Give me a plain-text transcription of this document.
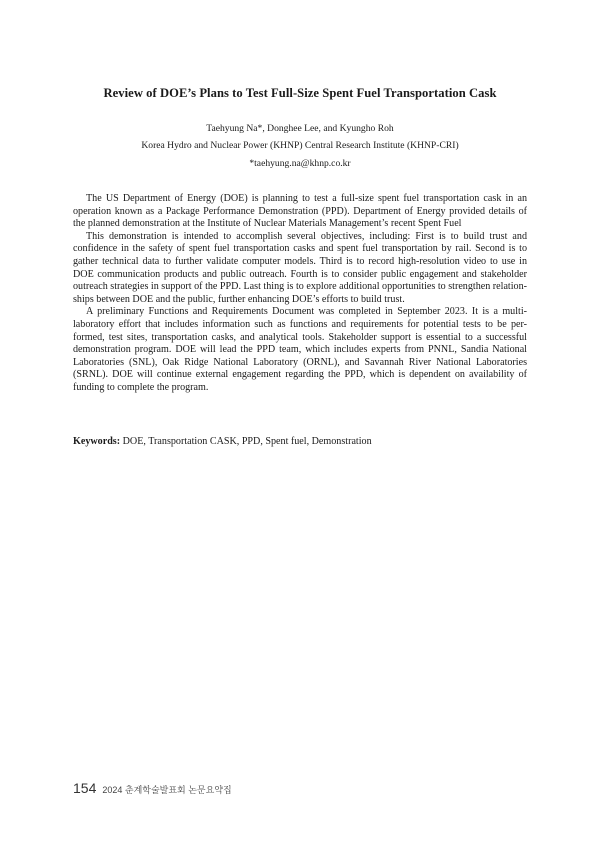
Review of DOE’s Plans to Test Full-Size Spent Fuel Transportation Cask
Taehyung Na*, Donghee Lee, and Kyungho Roh
Korea Hydro and Nuclear Power (KHNP) Central Research Institute (KHNP-CRI)
*taehyung.na@khnp.co.kr

The US Department of Energy (DOE) is planning to test a full-size spent fuel transportation cask in an operation known as a Package Performance Demonstration (PPD). Department of Energy provided details of the planned demonstration at the Institute of Nuclear Materials Management’s recent Spent Fuel

This demonstration is intended to accomplish several objectives, including: First is to build trust and confidence in the safety of spent fuel transportation casks and spent fuel transportation by rail. Second is to gather technical data to further validate computer models. Third is to record high-resolution video to use in DOE communication products and public outreach. Fourth is to consider public engagement and stakeholder outreach strategies in support of the PPD. Last thing is to explore additional opportunities to strengthen relation-ships between DOE and the public, further enhancing DOE’s efforts to build trust.

A preliminary Functions and Requirements Document was completed in September 2023. It is a multi-laboratory effort that includes information such as functions and requirements for potential tests to be per-formed, test sites, transportation casks, and analytical tools. Stakeholder support is essential to a successful demonstration program. DOE will lead the PPD team, which includes experts from PNNL, Sandia National Laboratories (SNL), Oak Ridge National Laboratory (ORNL), and Savannah River National Laboratories (SRNL). DOE will continue external engagement regarding the PPD, which is dependent on availability of funding to complete the program.

Keywords: DOE, Transportation CASK, PPD, Spent fuel, Demonstration
154 2024 춘계학술발표회 논문요약집
